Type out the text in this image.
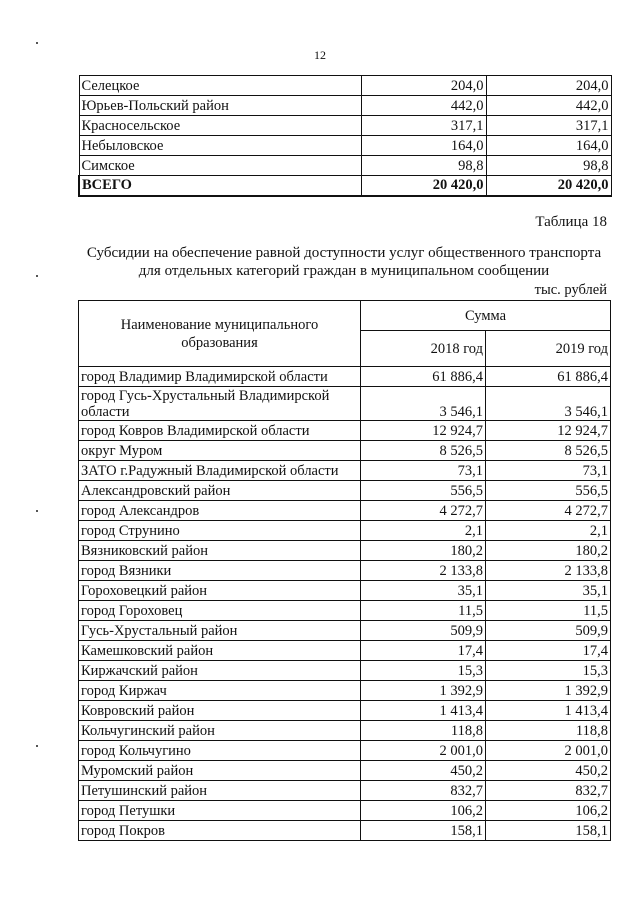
12
Селецкое	204,0	204,0
Юрьев-Польский район	442,0	442,0
Красносельское	317,1	317,1
Небыловское	164,0	164,0
Симское	98,8	98,8
ВСЕГО	20 420,0	20 420,0
Таблица 18
Субсидии на обеспечение равной доступности услуг общественного транспорта
для отдельных категорий граждан в муниципальном сообщении
тыс. рублей
Наименование муниципального образования	Сумма	
	2018 год	2019 год
город Владимир Владимирской области	61 886,4	61 886,4
город Гусь-Хрустальный Владимирской области	3 546,1	3 546,1
город Ковров Владимирской области	12 924,7	12 924,7
округ Муром	8 526,5	8 526,5
ЗАТО г.Радужный Владимирской области	73,1	73,1
Александровский район	556,5	556,5
город Александров	4 272,7	4 272,7
город Струнино	2,1	2,1
Вязниковский район	180,2	180,2
город Вязники	2 133,8	2 133,8
Гороховецкий район	35,1	35,1
город Гороховец	11,5	11,5
Гусь-Хрустальный район	509,9	509,9
Камешковский район	17,4	17,4
Киржачский район	15,3	15,3
город Киржач	1 392,9	1 392,9
Ковровский район	1 413,4	1 413,4
Кольчугинский район	118,8	118,8
город Кольчугино	2 001,0	2 001,0
Муромский район	450,2	450,2
Петушинский район	832,7	832,7
город Петушки	106,2	106,2
город Покров	158,1	158,1
